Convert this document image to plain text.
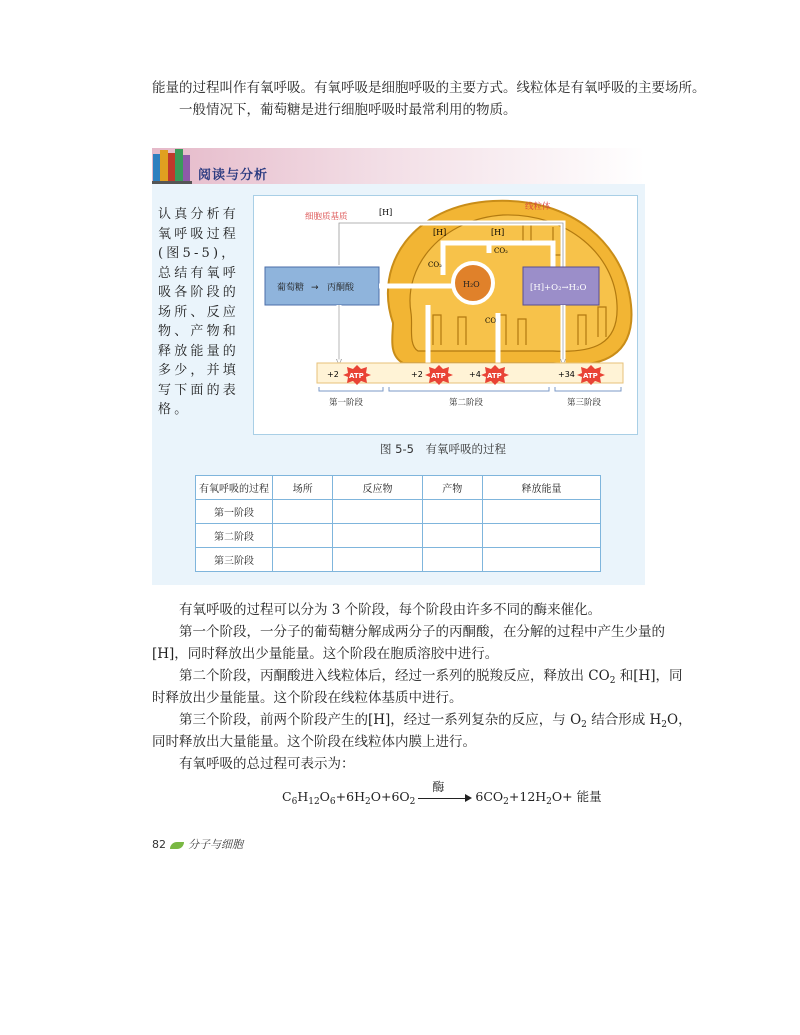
能量的过程叫作有氧呼吸。有氧呼吸是细胞呼吸的主要方式。线粒体是有氧呼吸的主要场所。

一般情况下，葡萄糖是进行细胞呼吸时最常利用的物质。

阅读与分析

认真分析有氧呼吸过程(图5-5)，总结有氧呼吸各阶段的场所、反应物、产物和释放能量的多少，并填写下面的表格。

细胞质基质
线粒体
[H]
[H]	[H]
葡萄糖 → 丙酮酸	H₂O
CO₂
CO₂
CO₂
[H]+O₂→H₂O
+2 ATP	+2 ATP	+4 ATP	+34 ATP
第一阶段	第二阶段	第三阶段
图 5-5　有氧呼吸的过程
有氧呼吸的过程	场所	反应物	产物	释放能量
第一阶段				
第二阶段				
第三阶段				

有氧呼吸的过程可以分为 3 个阶段，每个阶段由许多不同的酶来催化。

第一个阶段，一分子的葡萄糖分解成两分子的丙酮酸，在分解的过程中产生少量的

[H]，同时释放出少量能量。这个阶段在胞质溶胶中进行。

第二个阶段，丙酮酸进入线粒体后，经过一系列的脱羧反应，释放出 $CO_2$ 和[H]，同

时释放出少量能量。这个阶段在线粒体基质中进行。

第三个阶段，前两个阶段产生的[H]，经过一系列复杂的反应，与 $O_2$ 结合形成 $H_2O$，

同时释放出大量能量。这个阶段在线粒体内膜上进行。

有氧呼吸的总过程可表示为：

$C_6H_{12}O_6+6H_2O+6O_2$
酶
$6CO_2+12H_2O+$ 能量
82 分子与细胞
